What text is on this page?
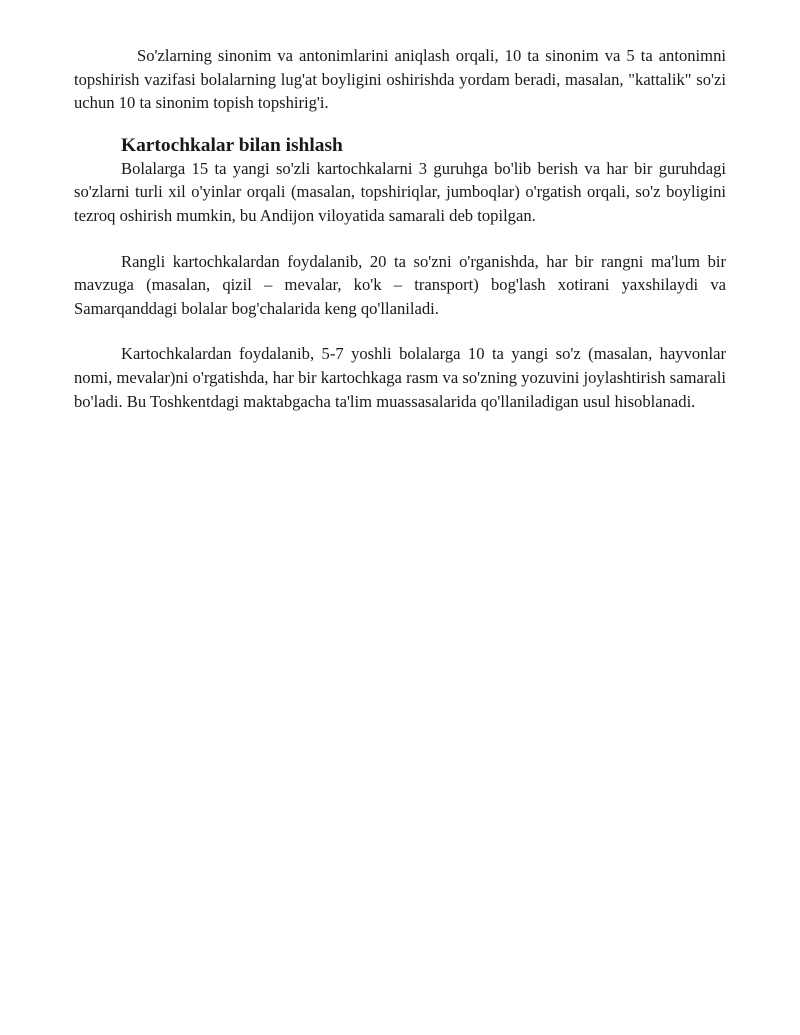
So'zlarning sinonim va antonimlarini aniqlash orqali, 10 ta sinonim va 5 ta antonimni topshirish vazifasi bolalarning lug'at boyligini oshirishda yordam beradi, masalan, "kattalik" so'zi uchun 10 ta sinonim topish topshirig'i.

Kartochkalar bilan ishlash

Bolalarga 15 ta yangi so'zli kartochkalarni 3 guruhga bo'lib berish va har bir guruhdagi so'zlarni turli xil o'yinlar orqali (masalan, topshiriqlar, jumboqlar) o'rgatish orqali, so'z boyligini tezroq oshirish mumkin, bu Andijon viloyatida samarali deb topilgan.

Rangli kartochkalardan foydalanib, 20 ta so'zni o'rganishda, har bir rangni ma'lum bir mavzuga (masalan, qizil – mevalar, ko'k – transport) bog'lash xotirani yaxshilaydi va Samarqanddagi bolalar bog'chalarida keng qo'llaniladi.

Kartochkalardan foydalanib, 5-7 yoshli bolalarga 10 ta yangi so'z (masalan, hayvonlar nomi, mevalar)ni o'rgatishda, har bir kartochkaga rasm va so'zning yozuvini joylashtirish samarali bo'ladi. Bu Toshkentdagi maktabgacha ta'lim muassasalarida qo'llaniladigan usul hisoblanadi.
